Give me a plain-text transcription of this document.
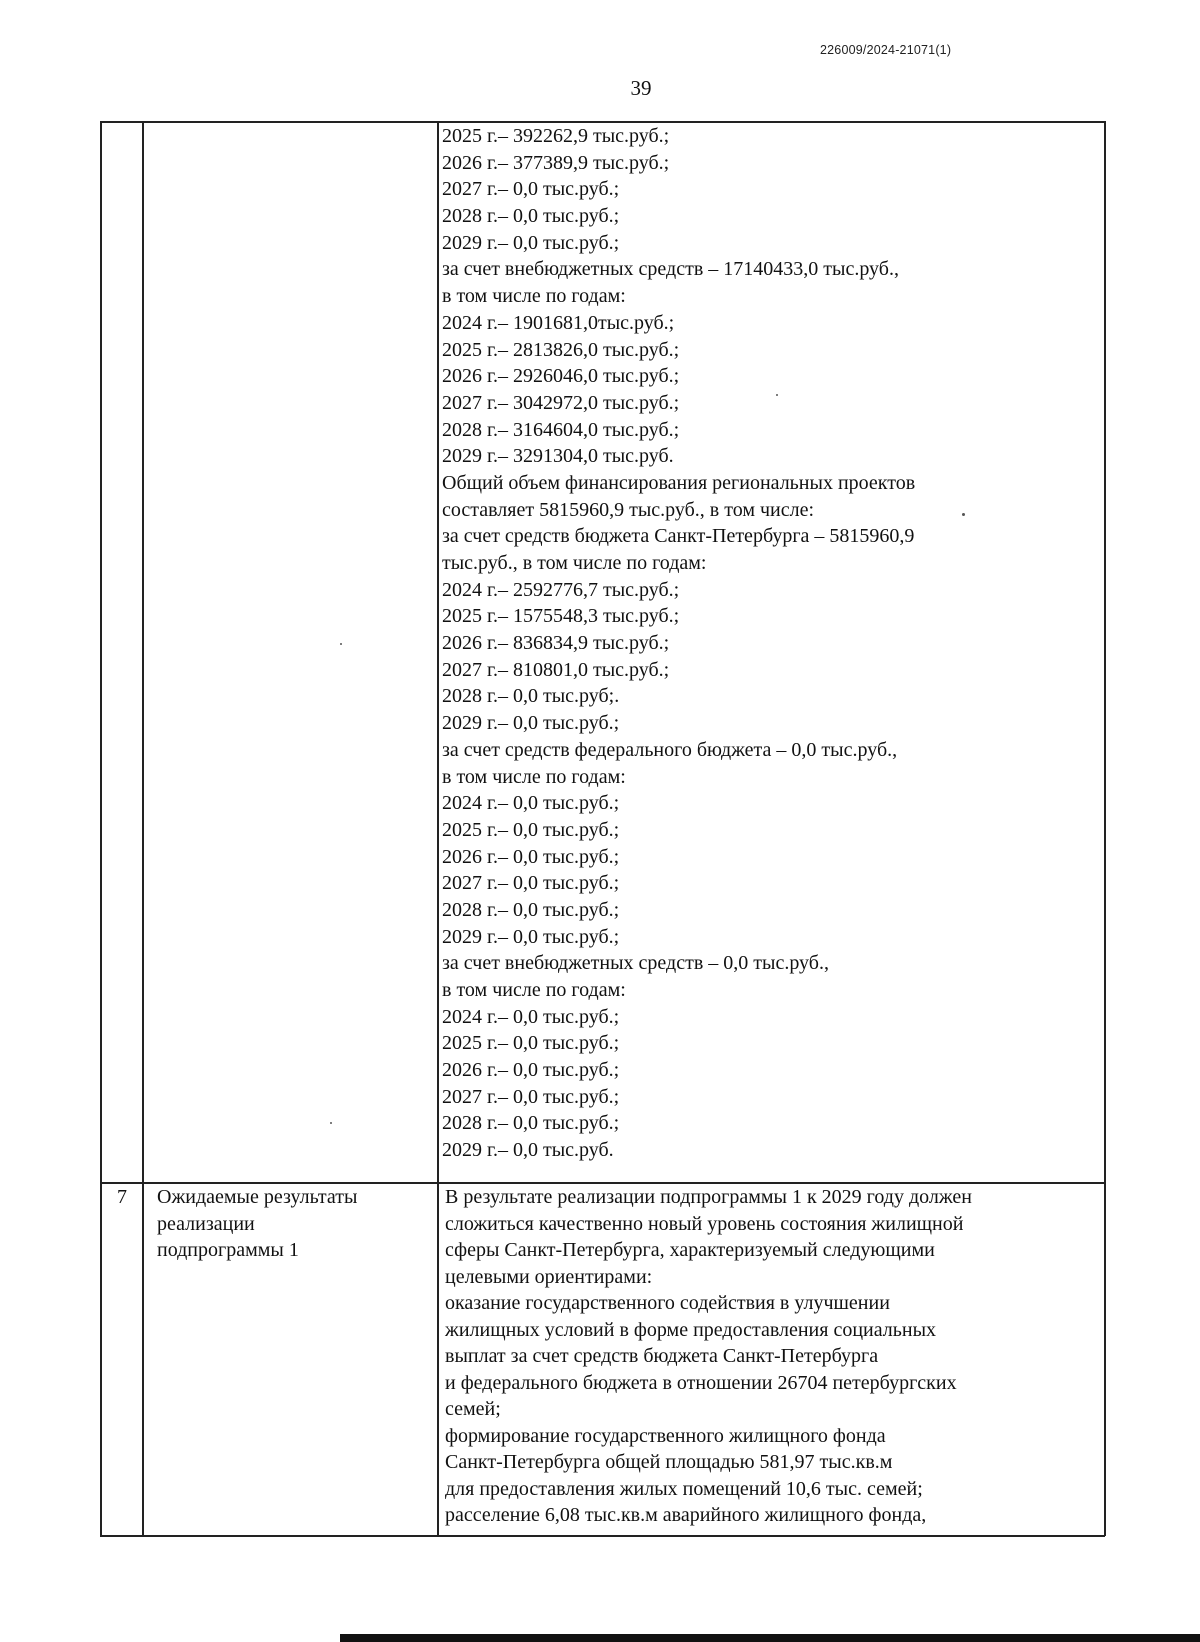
226009/2024-21071(1)
39
2025 г.– 392262,9 тыс.руб.;
2026 г.– 377389,9 тыс.руб.;
2027 г.– 0,0 тыс.руб.;
2028 г.– 0,0 тыс.руб.;
2029 г.– 0,0 тыс.руб.;
за счет внебюджетных средств – 17140433,0 тыс.руб.,
в том числе по годам:
2024 г.– 1901681,0тыс.руб.;
2025 г.– 2813826,0 тыс.руб.;
2026 г.– 2926046,0 тыс.руб.;
2027 г.– 3042972,0 тыс.руб.;
2028 г.– 3164604,0 тыс.руб.;
2029 г.– 3291304,0 тыс.руб.
Общий объем финансирования региональных проектов
составляет 5815960,9 тыс.руб., в том числе:
за счет средств бюджета Санкт-Петербурга – 5815960,9
тыс.руб., в том числе по годам:
2024 г.– 2592776,7 тыс.руб.;
2025 г.– 1575548,3 тыс.руб.;
2026 г.– 836834,9 тыс.руб.;
2027 г.– 810801,0 тыс.руб.;
2028 г.– 0,0 тыс.руб;.
2029 г.– 0,0 тыс.руб.;
за счет средств федерального бюджета – 0,0 тыс.руб.,
в том числе по годам:
2024 г.– 0,0 тыс.руб.;
2025 г.– 0,0 тыс.руб.;
2026 г.– 0,0 тыс.руб.;
2027 г.– 0,0 тыс.руб.;
2028 г.– 0,0 тыс.руб.;
2029 г.– 0,0 тыс.руб.;
за счет внебюджетных средств – 0,0 тыс.руб.,
в том числе по годам:
2024 г.– 0,0 тыс.руб.;
2025 г.– 0,0 тыс.руб.;
2026 г.– 0,0 тыс.руб.;
2027 г.– 0,0 тыс.руб.;
2028 г.– 0,0 тыс.руб.;
2029 г.– 0,0 тыс.руб.
7 Ожидаемые результаты
реализации
подпрограммы 1
В результате реализации подпрограммы 1 к 2029 году должен
сложиться качественно новый уровень состояния жилищной
сферы Санкт-Петербурга, характеризуемый следующими
целевыми ориентирами:
оказание государственного содействия в улучшении
жилищных условий в форме предоставления социальных
выплат за счет средств бюджета Санкт-Петербурга
и федерального бюджета в отношении 26704 петербургских
семей;
формирование государственного жилищного фонда
Санкт-Петербурга общей площадью 581,97 тыс.кв.м
для предоставления жилых помещений 10,6 тыс. семей;
расселение 6,08 тыс.кв.м аварийного жилищного фонда,
